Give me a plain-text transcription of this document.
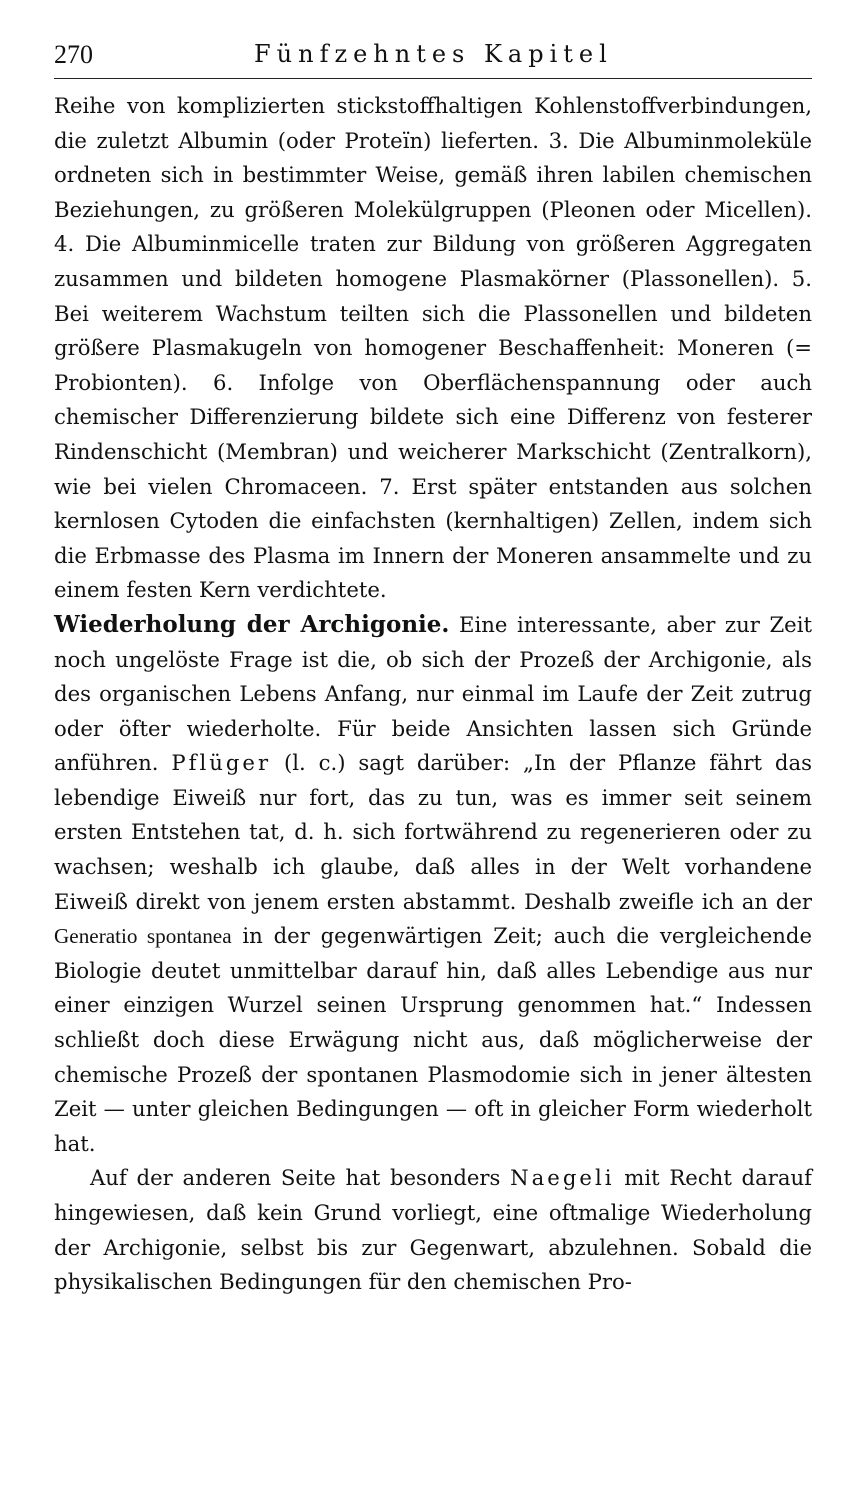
270	Fünfzehntes Kapitel

Reihe von komplizierten stickstoffhaltigen Kohlenstoffverbindungen, die zuletzt Albumin (oder Proteïn) lieferten. 3. Die Albuminmoleküle ordneten sich in bestimmter Weise, gemäß ihren labilen chemischen Beziehungen, zu größeren Molekülgruppen (Pleonen oder Micellen). 4. Die Albuminmicelle traten zur Bildung von größeren Aggregaten zusammen und bildeten homogene Plasmakörner (Plassonellen). 5. Bei weiterem Wachstum teilten sich die Plassonellen und bildeten größere Plasmakugeln von homogener Beschaffenheit: Moneren (= Probionten). 6. Infolge von Oberflächenspannung oder auch chemischer Differenzierung bildete sich eine Differenz von festerer Rindenschicht (Membran) und weicherer Markschicht (Zentralkorn), wie bei vielen Chromaceen. 7. Erst später entstanden aus solchen kernlosen Cytoden die einfachsten (kernhaltigen) Zellen, indem sich die Erbmasse des Plasma im Innern der Moneren ansammelte und zu einem festen Kern verdichtete.

Wiederholung der Archigonie. Eine interessante, aber zur Zeit noch ungelöste Frage ist die, ob sich der Prozeß der Archigonie, als des organischen Lebens Anfang, nur einmal im Laufe der Zeit zutrug oder öfter wiederholte. Für beide Ansichten lassen sich Gründe anführen. Pflüger (l. c.) sagt darüber: „In der Pflanze fährt das lebendige Eiweiß nur fort, das zu tun, was es immer seit seinem ersten Entstehen tat, d. h. sich fortwährend zu regenerieren oder zu wachsen; weshalb ich glaube, daß alles in der Welt vorhandene Eiweiß direkt von jenem ersten abstammt. Deshalb zweifle ich an der Generatio spontanea in der gegenwärtigen Zeit; auch die vergleichende Biologie deutet unmittelbar darauf hin, daß alles Lebendige aus nur einer einzigen Wurzel seinen Ursprung genommen hat.“ Indessen schließt doch diese Erwägung nicht aus, daß möglicherweise der chemische Prozeß der spontanen Plasmodomie sich in jener ältesten Zeit — unter gleichen Bedingungen — oft in gleicher Form wiederholt hat.

Auf der anderen Seite hat besonders Naegeli mit Recht darauf hingewiesen, daß kein Grund vorliegt, eine oftmalige Wiederholung der Archigonie, selbst bis zur Gegenwart, abzulehnen. Sobald die physikalischen Bedingungen für den chemischen Pro-
